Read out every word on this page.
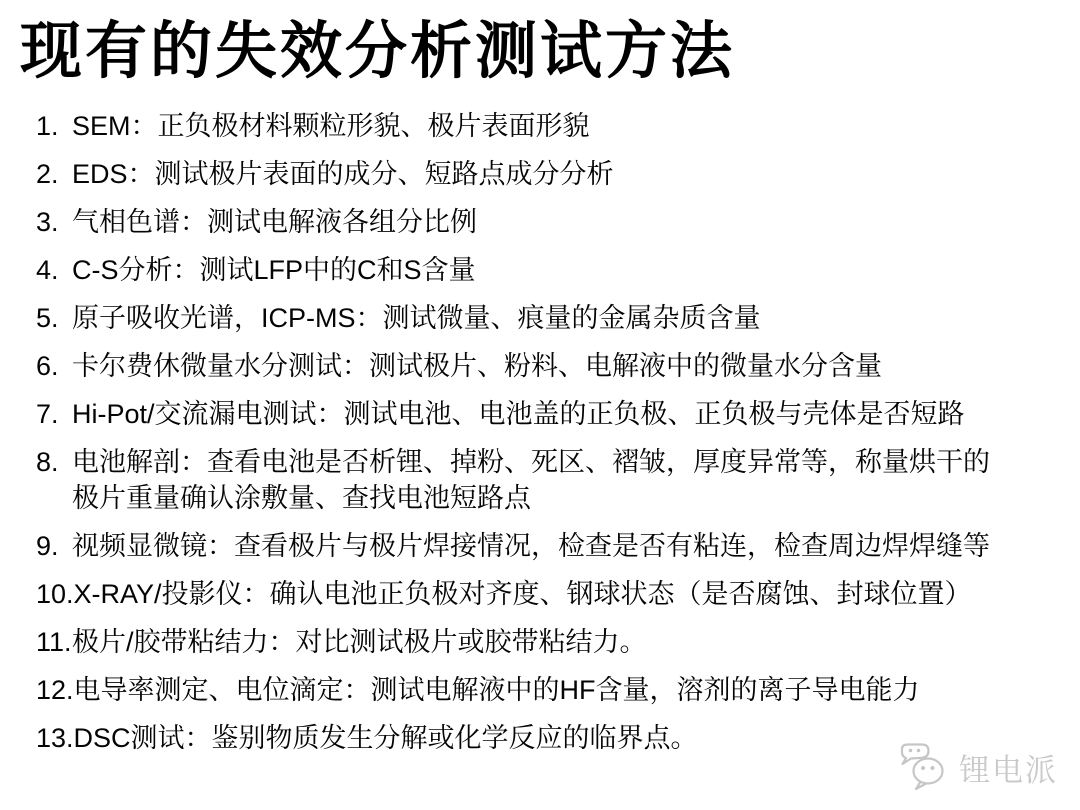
现有的失效分析测试方法
1. SEM：正负极材料颗粒形貌、极片表面形貌
2. EDS：测试极片表面的成分、短路点成分分析
3. 气相色谱：测试电解液各组分比例
4. C-S分析：测试LFP中的C和S含量
5. 原子吸收光谱，ICP-MS：测试微量、痕量的金属杂质含量
6. 卡尔费休微量水分测试：测试极片、粉料、电解液中的微量水分含量
7. Hi-Pot/交流漏电测试：测试电池、电池盖的正负极、正负极与壳体是否短路
8. 电池解剖：查看电池是否析锂、掉粉、死区、褶皱，厚度异常等，称量烘干的极片重量确认涂敷量、查找电池短路点
9. 视频显微镜：查看极片与极片焊接情况，检查是否有粘连，检查周边焊焊缝等
10. X-RAY/投影仪：确认电池正负极对齐度、钢球状态（是否腐蚀、封球位置）
11. 极片/胶带粘结力：对比测试极片或胶带粘结力。
12. 电导率测定、电位滴定：测试电解液中的HF含量，溶剂的离子导电能力
13. DSC测试：鉴别物质发生分解或化学反应的临界点。
锂电派
